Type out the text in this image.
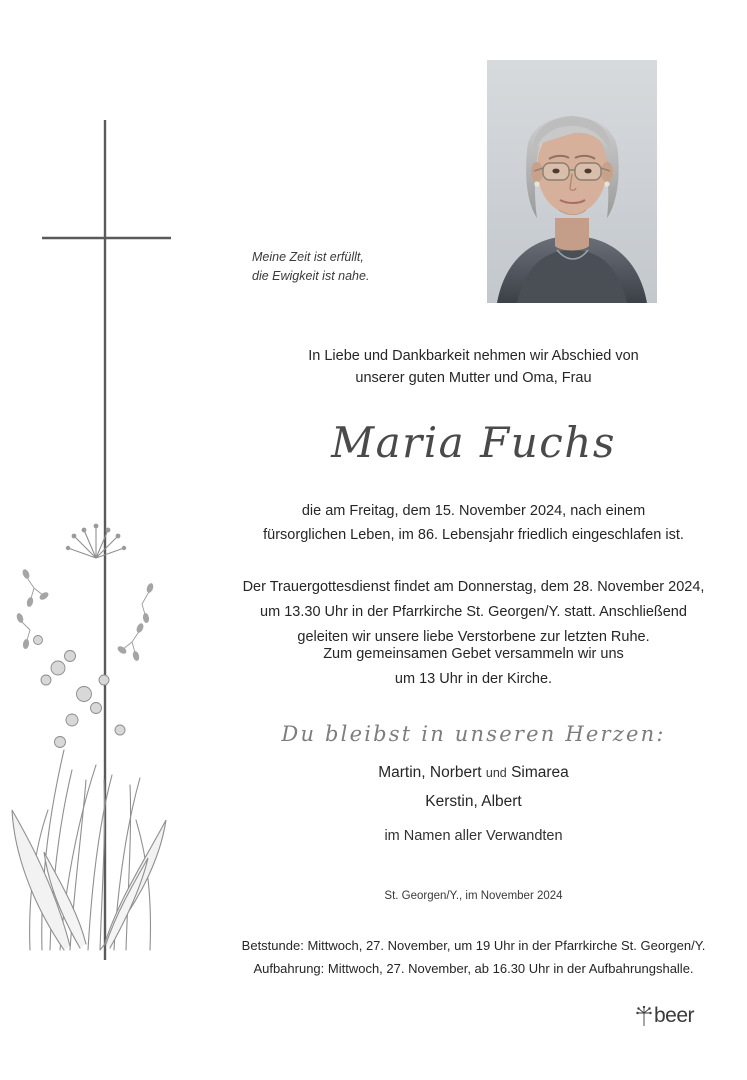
Meine Zeit ist erfüllt,
die Ewigkeit ist nahe.
In Liebe und Dankbarkeit nehmen wir Abschied von
unserer guten Mutter und Oma, Frau
Maria Fuchs
die am Freitag, dem 15. November 2024, nach einem
fürsorglichen Leben, im 86. Lebensjahr friedlich eingeschlafen ist.
Der Trauergottesdienst findet am Donnerstag, dem 28. November 2024,
um 13.30 Uhr in der Pfarrkirche St. Georgen/Y. statt. Anschließend
geleiten wir unsere liebe Verstorbene zur letzten Ruhe.
Zum gemeinsamen Gebet versammeln wir uns
um 13 Uhr in der Kirche.
Du bleibst in unseren Herzen:
Martin, Norbert und Simarea
Kerstin, Albert
im Namen aller Verwandten
St. Georgen/Y., im November 2024
Betstunde: Mittwoch, 27. November, um 19 Uhr in der Pfarrkirche St. Georgen/Y.
Aufbahrung: Mittwoch, 27. November, ab 16.30 Uhr in der Aufbahrungshalle.
beer
